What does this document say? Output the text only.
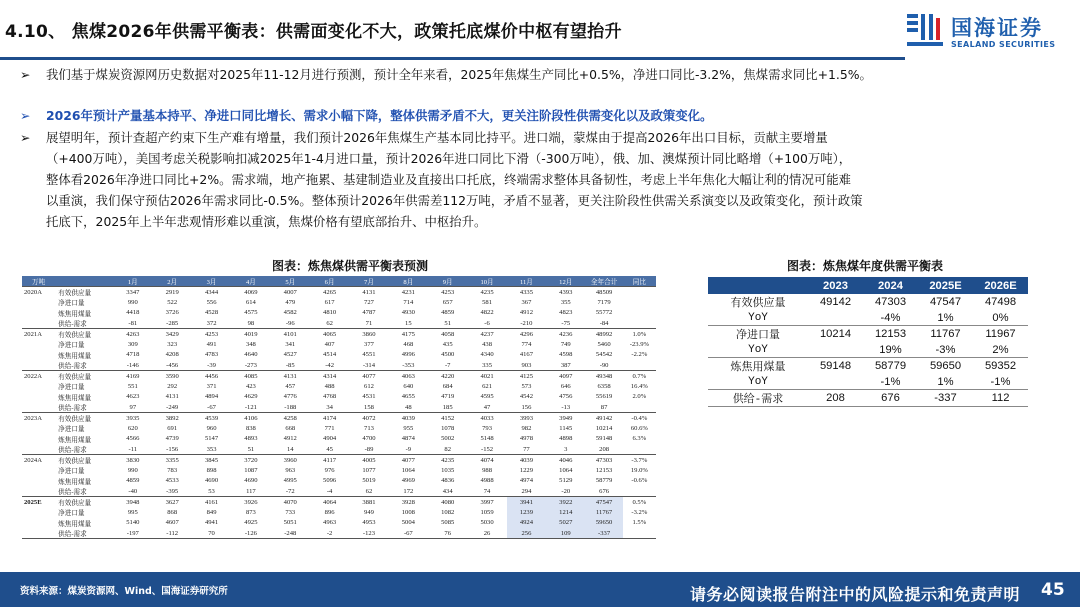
4.10、 焦煤2026年供需平衡表：供需面变化不大，政策托底煤价中枢有望抬升	国海证券
SEALAND SECURITIES
➢	我们基于煤炭资源网历史数据对2025年11-12月进行预测，预计全年来看，2025年焦煤生产同比+0.5%，净进口同比-3.2%，焦煤需求同比+1.5%。
➢	2026年预计产量基本持平、净进口同比增长、需求小幅下降，整体供需矛盾不大，更关注阶段性供需变化以及政策变化。
➢	展望明年，预计查超产约束下生产难有增量，我们预计2026年焦煤生产基本同比持平。进口端，蒙煤由于提高2026年出口目标，贡献主要增量
（+400万吨），美国考虑关税影响扣减2025年1-4月进口量，预计2026年进口同比下滑（-300万吨），俄、加、澳煤预计同比略增（+100万吨），
整体看2026年净进口同比+2%。需求端，地产拖累、基建制造业及直接出口托底，终端需求整体具备韧性，考虑上半年焦化大幅让利的情况可能难
以重演，我们保守预估2026年需求同比-0.5%。整体预计2026年供需差112万吨，矛盾不显著，更关注阶段性供需关系演变以及政策变化，预计政策
托底下，2025年上半年悲观情形难以重演，焦煤价格有望底部抬升、中枢抬升。
图表：炼焦煤供需平衡表预测	图表：炼焦煤年度供需平衡表
万吨		1月	2月	3月	4月	5月	6月	7月	8月	9月	10月	11月	12月	全年合计	同比
2020A	有效供应量	3347	2919	4344	4069	4007	4265	4131	4231	4253	4235	4335	4393	48509	
	净进口量	990	522	556	614	479	617	727	714	657	581	367	355	7179	
	炼焦用煤量	4418	3726	4528	4575	4582	4810	4787	4930	4859	4822	4912	4823	55772	
	供给-需求	-81	-285	372	98	-96	62	71	15	51	-6	-210	-75	-84	
2021A	有效供应量	4263	3429	4253	4019	4101	4065	3860	4175	4058	4237	4296	4236	48992	1.0%
	净进口量	309	323	491	348	341	407	377	468	435	438	774	749	5460	-23.9%
	炼焦用煤量	4718	4208	4783	4640	4527	4514	4551	4996	4500	4340	4167	4598	54542	-2.2%
	供给-需求	-146	-456	-39	-273	-85	-42	-314	-353	-7	335	903	387	-90	
2022A	有效供应量	4169	3590	4456	4085	4131	4314	4077	4063	4220	4021	4125	4097	49348	0.7%
	净进口量	551	292	371	423	457	488	612	640	684	621	573	646	6358	16.4%
	炼焦用煤量	4623	4131	4894	4629	4776	4768	4531	4655	4719	4595	4542	4756	55619	2.0%
	供给-需求	97	-249	-67	-121	-188	34	158	48	185	47	156	-13	87	
2023A	有效供应量	3935	3892	4539	4106	4258	4174	4072	4039	4152	4033	3993	3949	49142	-0.4%
	净进口量	620	691	960	838	668	771	713	955	1078	793	982	1145	10214	60.6%
	炼焦用煤量	4566	4739	5147	4893	4912	4904	4700	4874	5002	5148	4978	4898	59148	6.3%
	供给-需求	-11	-156	353	51	14	45	-89	-9	82	-152	77	3	208	
2024A	有效供应量	3830	3355	3845	3720	3960	4117	4005	4077	4235	4074	4039	4046	47303	-3.7%
	净进口量	990	783	898	1087	963	976	1077	1064	1035	988	1229	1064	12153	19.0%
	炼焦用煤量	4859	4533	4690	4690	4995	5096	5019	4969	4836	4988	4974	5129	58779	-0.6%
	供给-需求	-40	-395	53	117	-72	-4	62	172	434	74	294	-20	676	
2025E	有效供应量	3948	3627	4161	3926	4070	4064	3881	3928	4080	3997	3941	3922	47547	0.5%
	净进口量	995	868	849	873	733	896	949	1008	1082	1059	1239	1214	11767	-3.2%
	炼焦用煤量	5140	4607	4941	4925	5051	4963	4953	5004	5085	5030	4924	5027	59650	1.5%
	供给-需求	-197	-112	70	-126	-248	-2	-123	-67	76	26	256	109	-337	
	2023	2024	2025E	2026E
有效供应量	49142	47303	47547	47498
YoY		-4%	1%	0%
净进口量	10214	12153	11767	11967
YoY		19%	-3%	2%
炼焦用煤量	59148	58779	59650	59352
YoY		-1%	1%	-1%
供给-需求	208	676	-337	112
资料来源：煤炭资源网、Wind、国海证券研究所	请务必阅读报告附注中的风险提示和免责声明 45
